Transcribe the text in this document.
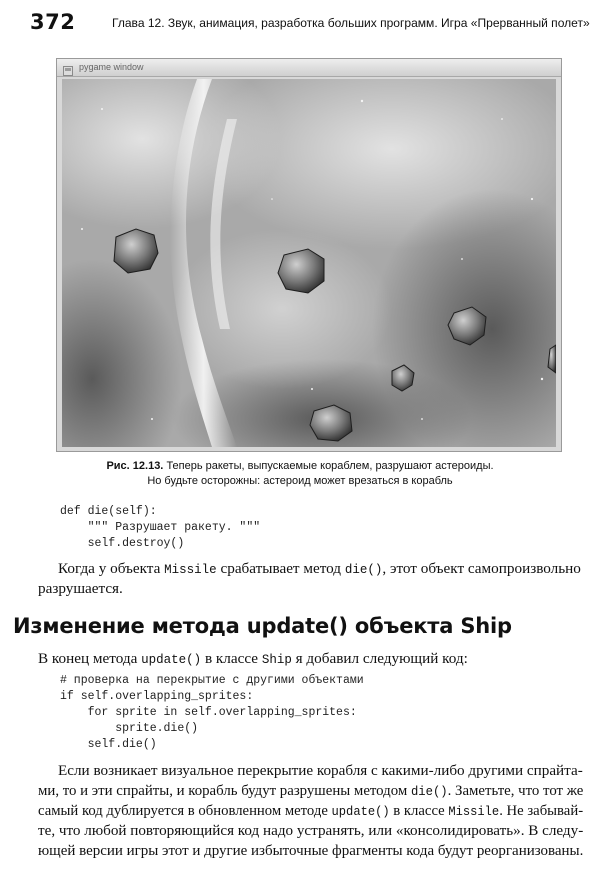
372	Глава 12. Звук, анимация, разработка больших программ. Игра «Прерванный полет»
pygame window
Рис. 12.13. Теперь ракеты, выпускаемые кораблем, разрушают астероиды.
Но будьте осторожны: астероид может врезаться в корабль
def die(self):
""" Разрушает ракету. """
self.destroy()
Когда у объекта Missile срабатывает метод die(), этот объект самопроизвольно
разрушается.
Изменение метода update() объекта Ship
В конец метода update() в классе Ship я добавил следующий код:
# проверка на перекрытие с другими объектами
if self.overlapping_sprites:
for sprite in self.overlapping_sprites:
sprite.die()
self.die()
Если возникает визуальное перекрытие корабля с какими-либо другими спрайта-
ми, то и эти спрайты, и корабль будут разрушены методом die(). Заметьте, что тот же
самый код дублируется в обновленном методе update() в классе Missile. Не забывай-
те, что любой повторяющийся код надо устранять, или «консолидировать». В следу-
ющей версии игры этот и другие избыточные фрагменты кода будут реорганизованы.
